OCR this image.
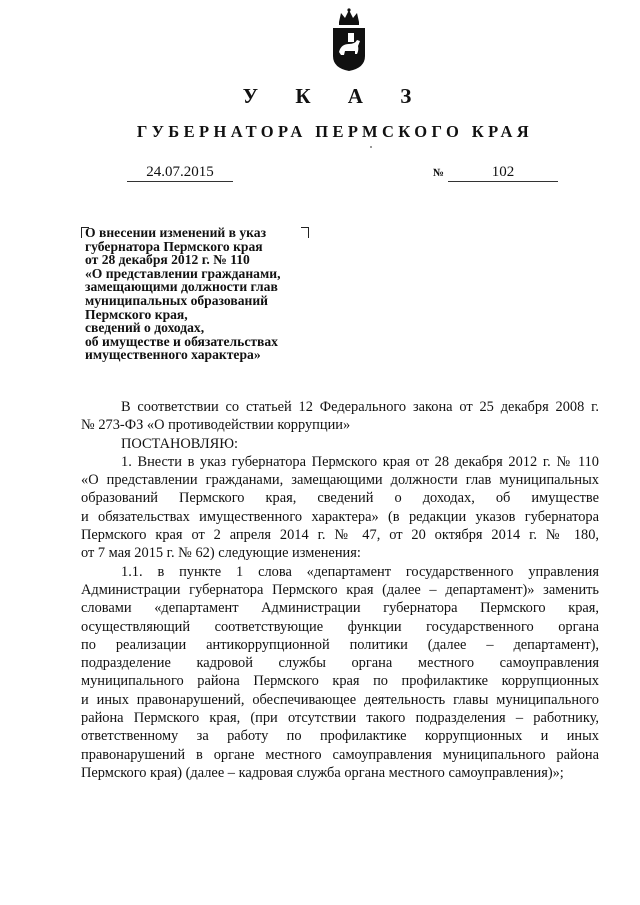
У К А З
ГУБЕРНАТОРА ПЕРМСКОГО КРАЯ
24.07.2015	№	102
О внесении изменений в указ
губернатора Пермского края
от 28 декабря 2012 г. № 110
«О представлении гражданами,
замещающими должности глав
муниципальных образований
Пермского края,
сведений о доходах,
об имуществе и обязательствах
имущественного характера»

В соответствии со статьей 12 Федерального закона от 25 декабря 2008 г.

№ 273-ФЗ «О противодействии коррупции»

ПОСТАНОВЛЯЮ:

1. Внести в указ губернатора Пермского края от 28 декабря 2012 г. № 110

«О представлении гражданами, замещающими должности глав муниципальных

образований Пермского края, сведений о доходах, об имуществе

и обязательствах имущественного характера» (в редакции указов губернатора

Пермского края от 2 апреля 2014 г. № 47, от 20 октября 2014 г. № 180,

от 7 мая 2015 г. № 62) следующие изменения:

1.1. в пункте 1 слова «департамент государственного управления

Администрации губернатора Пермского края (далее – департамент)» заменить

словами «департамент Администрации губернатора Пермского края,

осуществляющий соответствующие функции государственного органа

по реализации антикоррупционной политики (далее – департамент),

подразделение кадровой службы органа местного самоуправления

муниципального района Пермского края по профилактике коррупционных

и иных правонарушений, обеспечивающее деятельность главы муниципального

района Пермского края, (при отсутствии такого подразделения – работнику,

ответственному за работу по профилактике коррупционных и иных

правонарушений в органе местного самоуправления муниципального района

Пермского края) (далее – кадровая служба органа местного самоуправления)»;
